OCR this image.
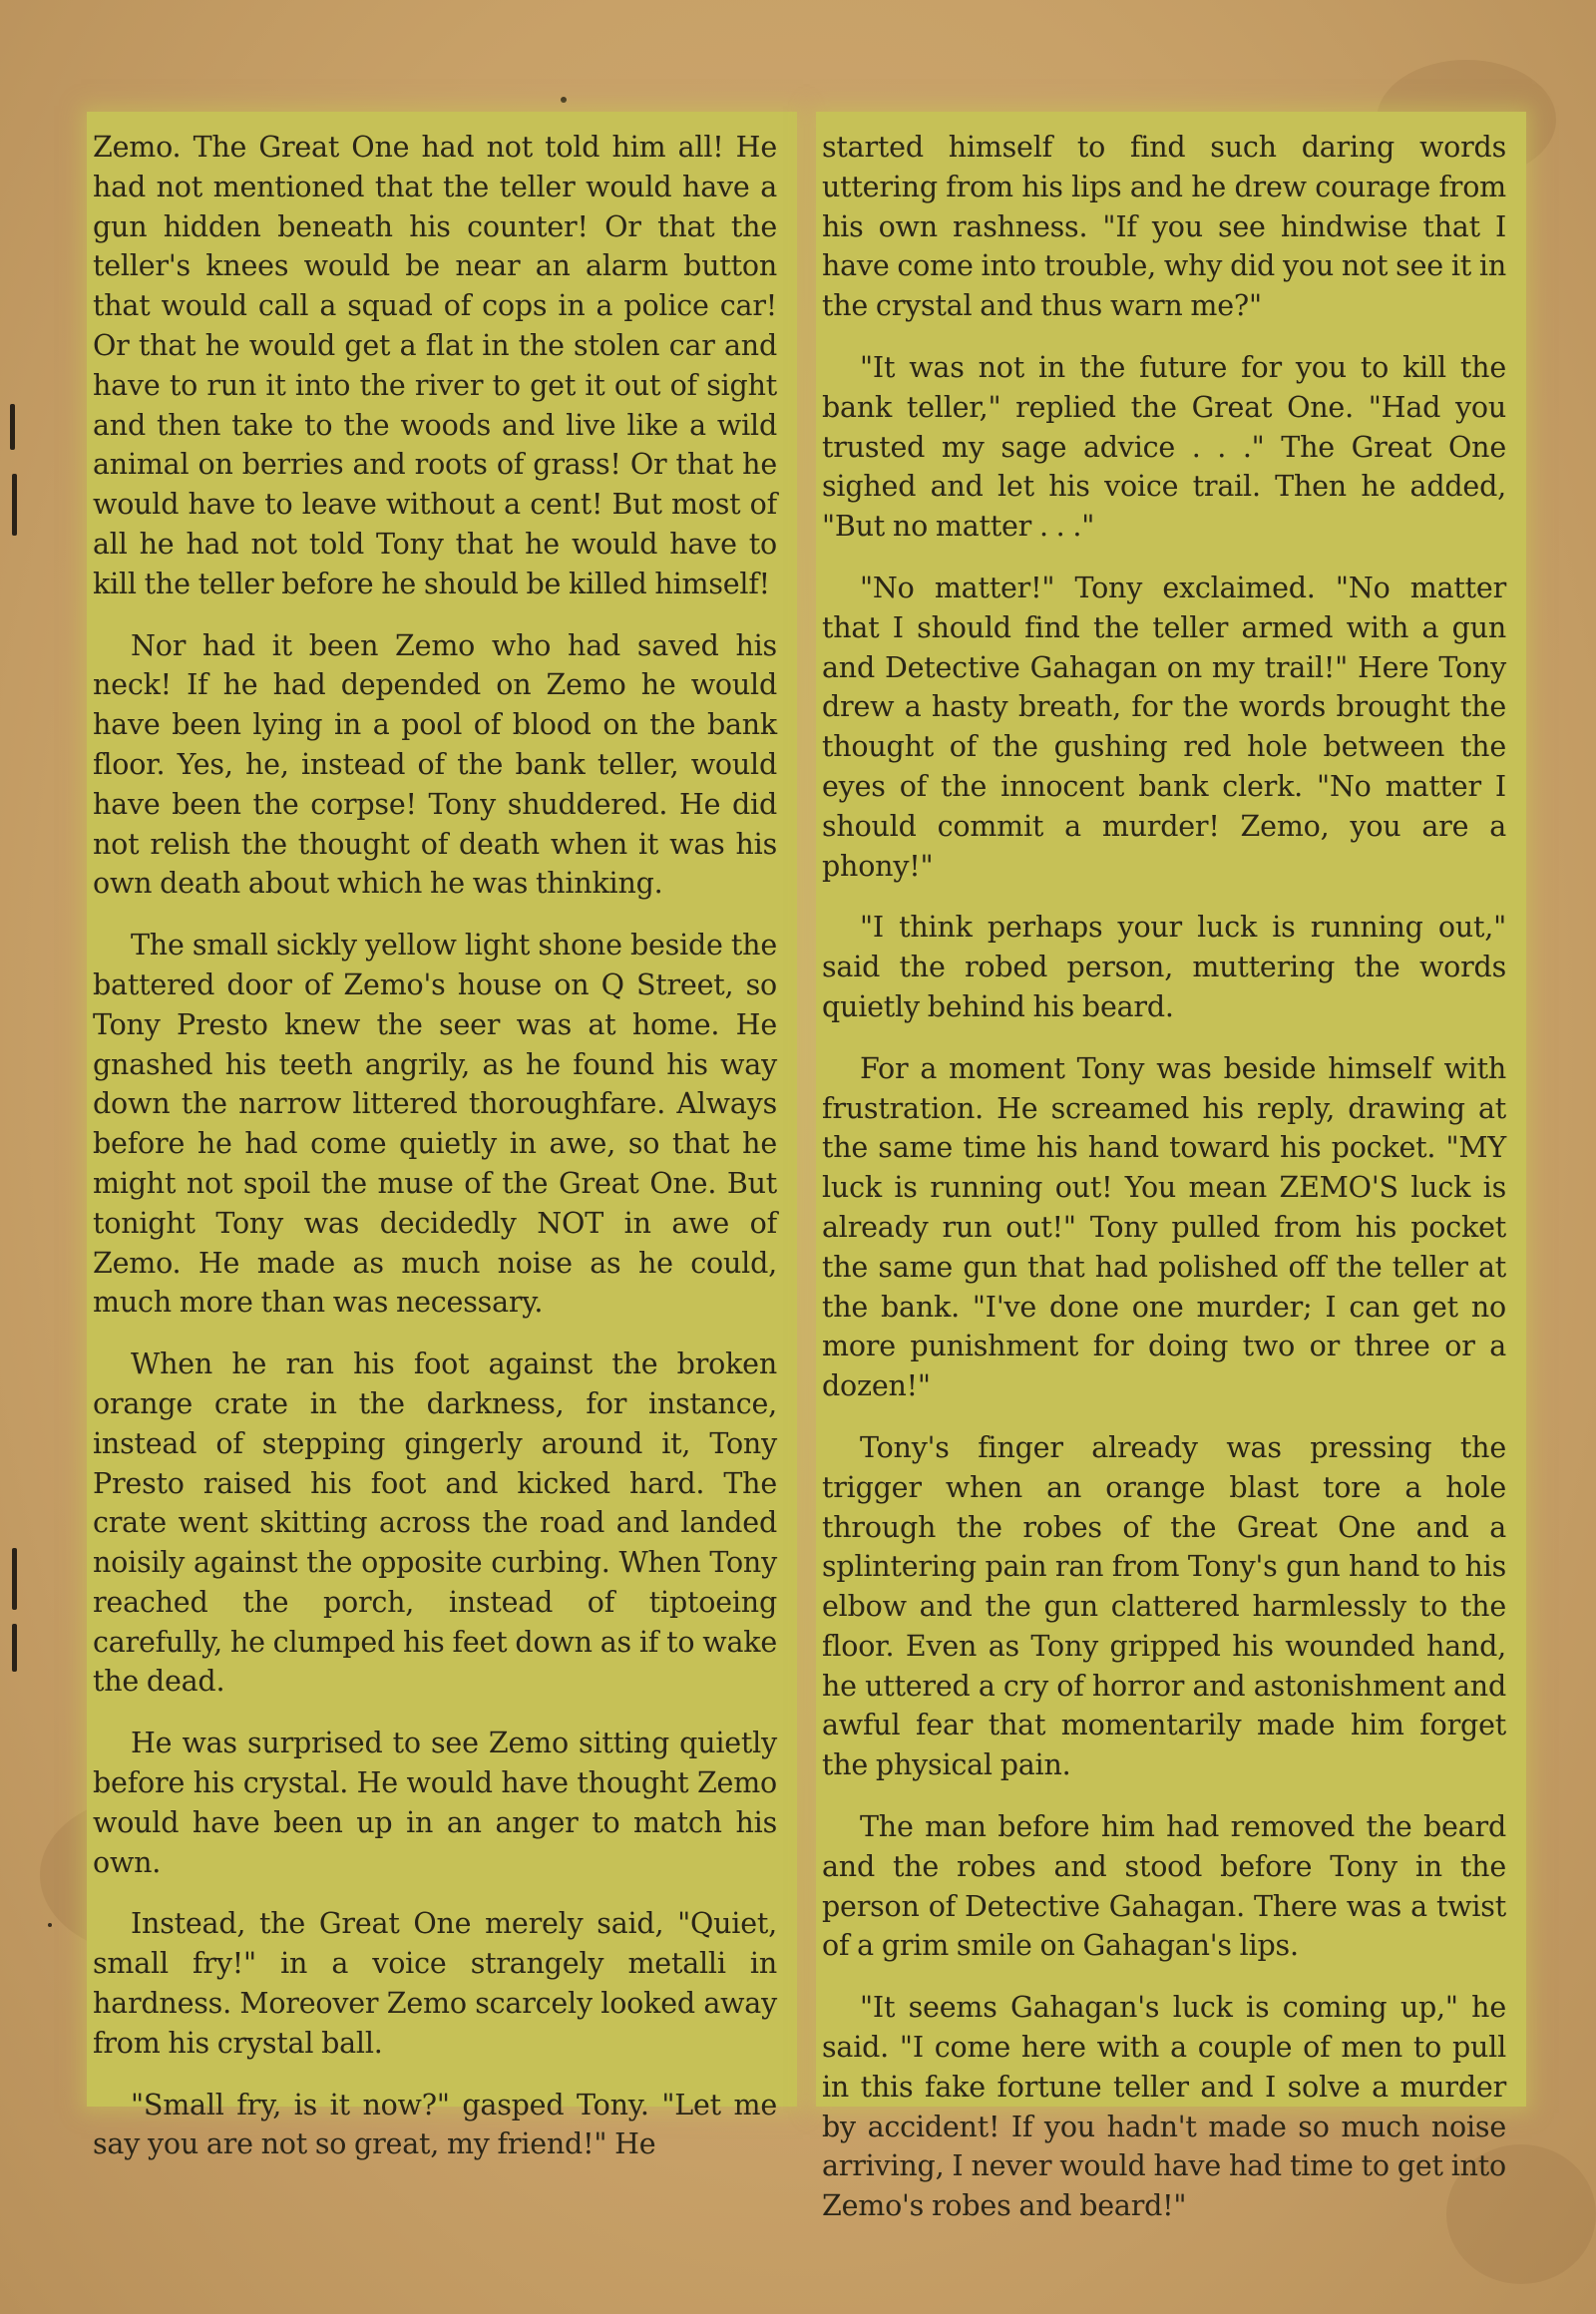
Zemo. The Great One had not told him all! He had not mentioned that the teller would have a gun hidden beneath his counter! Or that the teller's knees would be near an alarm button that would call a squad of cops in a police car! Or that he would get a flat in the stolen car and have to run it into the river to get it out of sight and then take to the woods and live like a wild animal on berries and roots of grass! Or that he would have to leave without a cent! But most of all he had not told Tony that he would have to kill the teller before he should be killed himself!

Nor had it been Zemo who had saved his neck! If he had depended on Zemo he would have been lying in a pool of blood on the bank floor. Yes, he, instead of the bank teller, would have been the corpse! Tony shuddered. He did not relish the thought of death when it was his own death about which he was thinking.

The small sickly yellow light shone beside the battered door of Zemo's house on Q Street, so Tony Presto knew the seer was at home. He gnashed his teeth angrily, as he found his way down the narrow littered thoroughfare. Always before he had come quietly in awe, so that he might not spoil the muse of the Great One. But tonight Tony was decidedly NOT in awe of Zemo. He made as much noise as he could, much more than was necessary.

When he ran his foot against the broken orange crate in the darkness, for instance, instead of stepping gingerly around it, Tony Presto raised his foot and kicked hard. The crate went skitting across the road and landed noisily against the opposite curbing. When Tony reached the porch, instead of tiptoeing carefully, he clumped his feet down as if to wake the dead.

He was surprised to see Zemo sitting quietly before his crystal. He would have thought Zemo would have been up in an anger to match his own.

Instead, the Great One merely said, "Quiet, small fry!" in a voice strangely metalli in hardness. Moreover Zemo scarcely looked away from his crystal ball.

"Small fry, is it now?" gasped Tony. "Let me say you are not so great, my friend!" He

started himself to find such daring words uttering from his lips and he drew courage from his own rashness. "If you see hindwise that I have come into trouble, why did you not see it in the crystal and thus warn me?"

"It was not in the future for you to kill the bank teller," replied the Great One. "Had you trusted my sage advice . . ." The Great One sighed and let his voice trail. Then he added, "But no matter . . ."

"No matter!" Tony exclaimed. "No matter that I should find the teller armed with a gun and Detective Gahagan on my trail!" Here Tony drew a hasty breath, for the words brought the thought of the gushing red hole between the eyes of the innocent bank clerk. "No matter I should commit a murder! Zemo, you are a phony!"

"I think perhaps your luck is running out," said the robed person, muttering the words quietly behind his beard.

For a moment Tony was beside himself with frustration. He screamed his reply, drawing at the same time his hand toward his pocket. "MY luck is running out! You mean ZEMO'S luck is already run out!" Tony pulled from his pocket the same gun that had polished off the teller at the bank. "I've done one murder; I can get no more punishment for doing two or three or a dozen!"

Tony's finger already was pressing the trigger when an orange blast tore a hole through the robes of the Great One and a splintering pain ran from Tony's gun hand to his elbow and the gun clattered harmlessly to the floor. Even as Tony gripped his wounded hand, he uttered a cry of horror and astonishment and awful fear that momentarily made him forget the physical pain.

The man before him had removed the beard and the robes and stood before Tony in the person of Detective Gahagan. There was a twist of a grim smile on Gahagan's lips.

"It seems Gahagan's luck is coming up," he said. "I come here with a couple of men to pull in this fake fortune teller and I solve a murder by accident! If you hadn't made so much noise arriving, I never would have had time to get into Zemo's robes and beard!"
